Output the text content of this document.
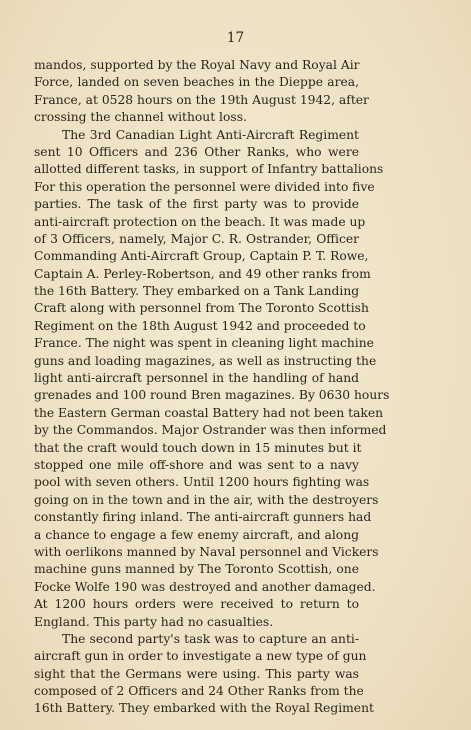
17
mandos, supported by the Royal Navy and Royal Air
Force, landed on seven beaches in the Dieppe area,
France, at 0528 hours on the 19th August 1942, after
crossing the channel without loss.
The 3rd Canadian Light Anti-Aircraft Regiment
sent 10 Officers and 236 Other Ranks, who were
allotted different tasks, in support of Infantry battalions
For this operation the personnel were divided into five
parties. The task of the first party was to provide
anti-aircraft protection on the beach. It was made up
of 3 Officers, namely, Major C. R. Ostrander, Officer
Commanding Anti-Aircraft Group, Captain P. T. Rowe,
Captain A. Perley-Robertson, and 49 other ranks from
the 16th Battery. They embarked on a Tank Landing
Craft along with personnel from The Toronto Scottish
Regiment on the 18th August 1942 and proceeded to
France. The night was spent in cleaning light machine
guns and loading magazines, as well as instructing the
light anti-aircraft personnel in the handling of hand
grenades and 100 round Bren magazines. By 0630 hours
the Eastern German coastal Battery had not been taken
by the Commandos. Major Ostrander was then informed
that the craft would touch down in 15 minutes but it
stopped one mile off-shore and was sent to a navy
pool with seven others. Until 1200 hours fighting was
going on in the town and in the air, with the destroyers
constantly firing inland. The anti-aircraft gunners had
a chance to engage a few enemy aircraft, and along
with oerlikons manned by Naval personnel and Vickers
machine guns manned by The Toronto Scottish, one
Focke Wolfe 190 was destroyed and another damaged.
At 1200 hours orders were received to return to
England. This party had no casualties.
The second party's task was to capture an anti-
aircraft gun in order to investigate a new type of gun
sight that the Germans were using. This party was
composed of 2 Officers and 24 Other Ranks from the
16th Battery. They embarked with the Royal Regiment
